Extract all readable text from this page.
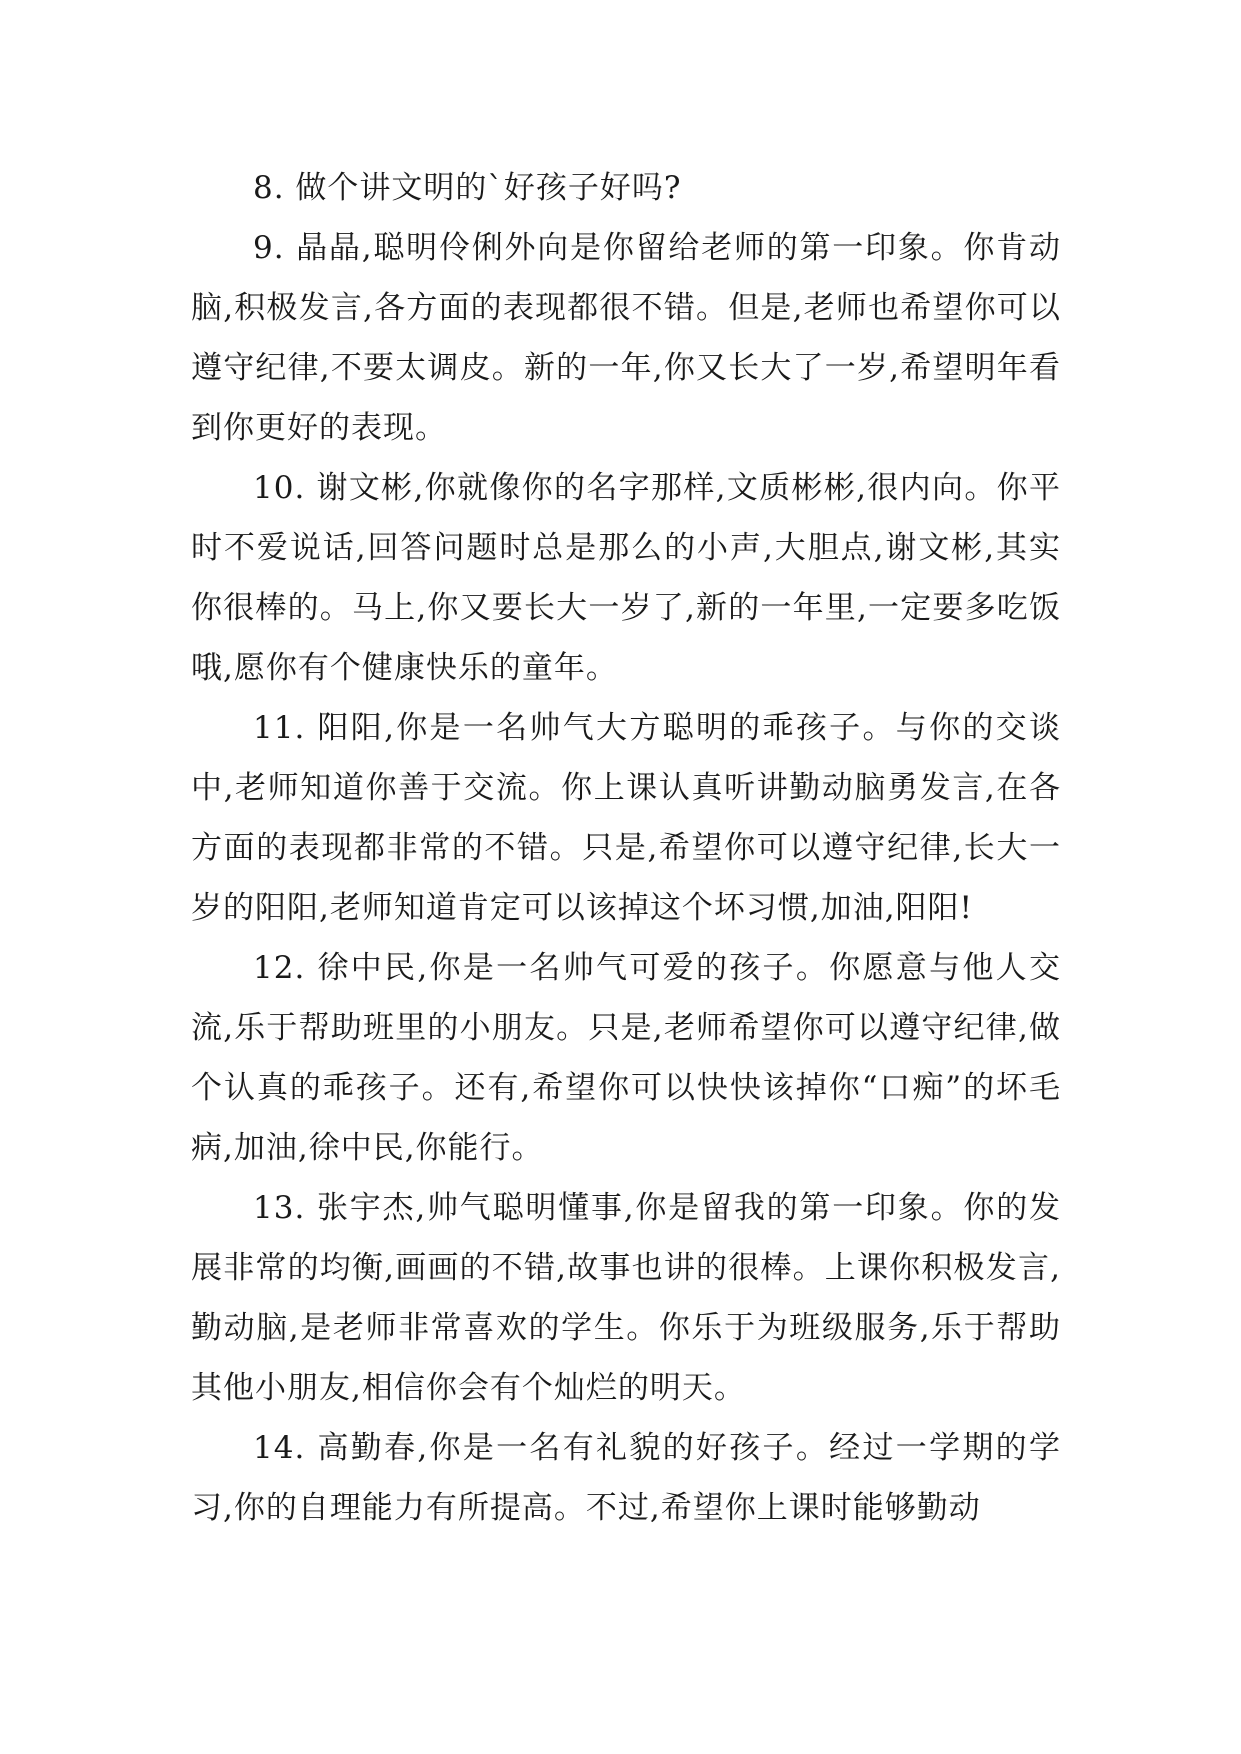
8. 做个讲文明的`好孩子好吗?

9. 晶晶,聪明伶俐外向是你留给老师的第一印象。你肯动脑,积极发言,各方面的表现都很不错。但是,老师也希望你可以遵守纪律,不要太调皮。新的一年,你又长大了一岁,希望明年看到你更好的表现。

10. 谢文彬,你就像你的名字那样,文质彬彬,很内向。你平时不爱说话,回答问题时总是那么的小声,大胆点,谢文彬,其实你很棒的。马上,你又要长大一岁了,新的一年里,一定要多吃饭哦,愿你有个健康快乐的童年。

11. 阳阳,你是一名帅气大方聪明的乖孩子。与你的交谈中,老师知道你善于交流。你上课认真听讲勤动脑勇发言,在各方面的表现都非常的不错。只是,希望你可以遵守纪律,长大一岁的阳阳,老师知道肯定可以该掉这个坏习惯,加油,阳阳!

12. 徐中民,你是一名帅气可爱的孩子。你愿意与他人交流,乐于帮助班里的小朋友。只是,老师希望你可以遵守纪律,做个认真的乖孩子。还有,希望你可以快快该掉你“口痴”的坏毛病,加油,徐中民,你能行。

13. 张宇杰,帅气聪明懂事,你是留我的第一印象。你的发展非常的均衡,画画的不错,故事也讲的很棒。上课你积极发言,勤动脑,是老师非常喜欢的学生。你乐于为班级服务,乐于帮助其他小朋友,相信你会有个灿烂的明天。

14. 高勤春,你是一名有礼貌的好孩子。经过一学期的学习,你的自理能力有所提高。不过,希望你上课时能够勤动
